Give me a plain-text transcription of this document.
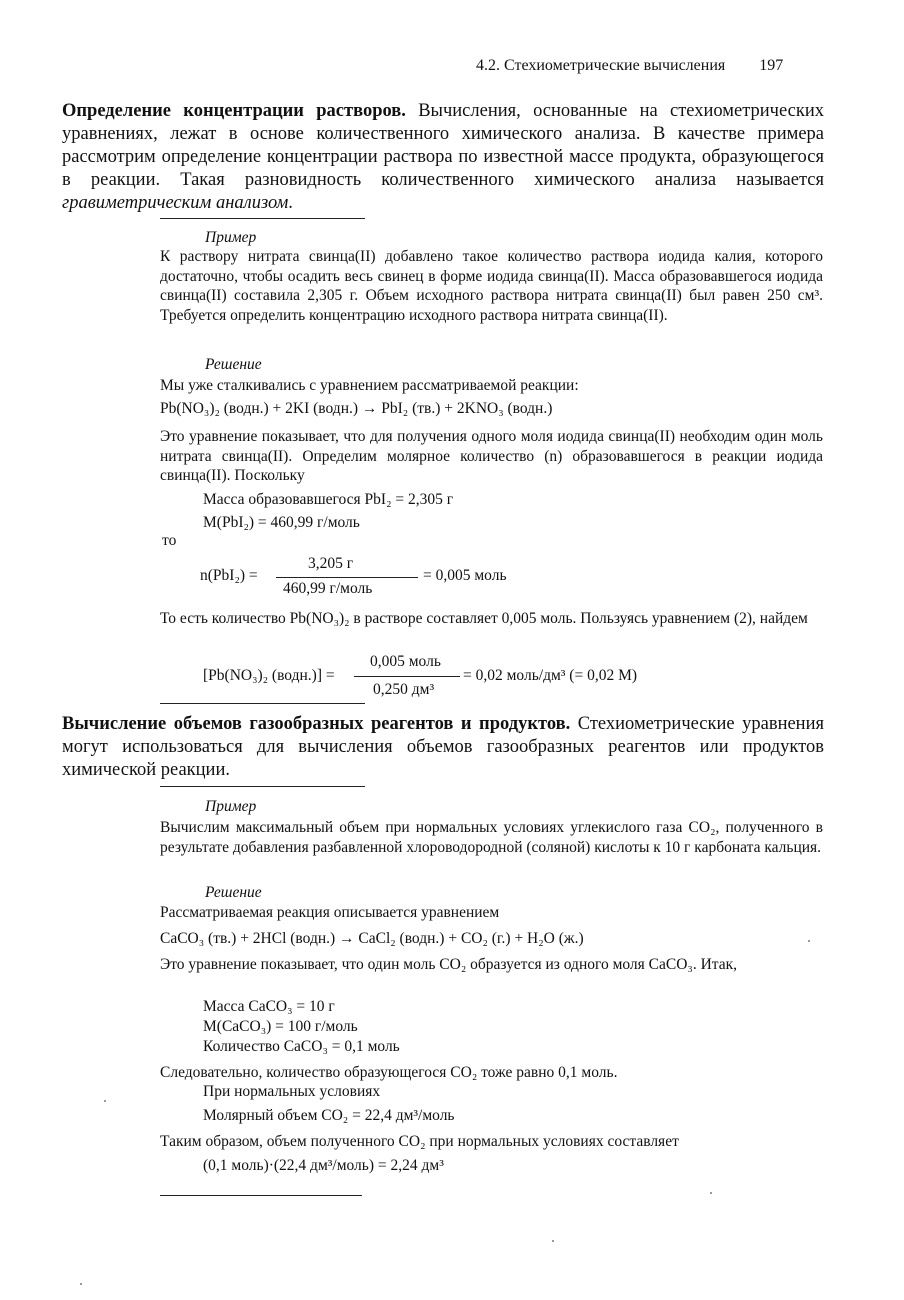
4.2. Стехиометрические вычисления 197
Определение концентрации растворов. Вычисления, основанные на стехиометрических уравнениях, лежат в основе количественного химического анализа. В качестве примера рассмотрим определение концентрации раствора по известной массе продукта, образующегося в реакции. Такая разновидность количественного химического анализа называется гравиметрическим анализом.
Пример
К раствору нитрата свинца(II) добавлено такое количество раствора иодида калия, которого достаточно, чтобы осадить весь свинец в форме иодида свинца(II). Масса образовавшегося иодида свинца(II) составила 2,305 г. Объем исходного раствора нитрата свинца(II) был равен 250 см³. Требуется определить концентрацию исходного раствора нитрата свинца(II).
Решение
Мы уже сталкивались с уравнением рассматриваемой реакции:
Pb(NO₃)₂ (водн.) + 2KI (водн.) → PbI₂ (тв.) + 2KNO₃ (водн.)
Это уравнение показывает, что для получения одного моля иодида свинца(II) необходим один моль нитрата свинца(II). Определим молярное количество (n) образовавшегося в реакции иодида свинца(II). Поскольку
Масса образовавшегося PbI₂ = 2,305 г
M(PbI₂) = 460,99 г/моль
то
n(PbI₂) =
3,205 г
460,99 г/моль
= 0,005 моль
То есть количество Pb(NO₃)₂ в растворе составляет 0,005 моль. Пользуясь уравнением (2), найдем
[Pb(NO₃)₂ (водн.)] =
0,005 моль
0,250 дм³
= 0,02 моль/дм³ (= 0,02 М)
Вычисление объемов газообразных реагентов и продуктов. Стехиометрические уравнения могут использоваться для вычисления объемов газообразных реагентов или продуктов химической реакции.
Пример
Вычислим максимальный объем при нормальных условиях углекислого газа CO₂, полученного в результате добавления разбавленной хлороводородной (соляной) кислоты к 10 г карбоната кальция.
Решение
Рассматриваемая реакция описывается уравнением
CaCO₃ (тв.) + 2HCl (водн.) → CaCl₂ (водн.) + CO₂ (г.) + H₂O (ж.)
Это уравнение показывает, что один моль CO₂ образуется из одного моля CaCO₃. Итак,
Масса CaCO₃ = 10 г
M(CaCO₃) = 100 г/моль
Количество CaCO₃ = 0,1 моль
Следовательно, количество образующегося CO₂ тоже равно 0,1 моль.
При нормальных условиях
Молярный объем CO₂ = 22,4 дм³/моль
Таким образом, объем полученного CO₂ при нормальных условиях составляет
(0,1 моль)·(22,4 дм³/моль) = 2,24 дм³
